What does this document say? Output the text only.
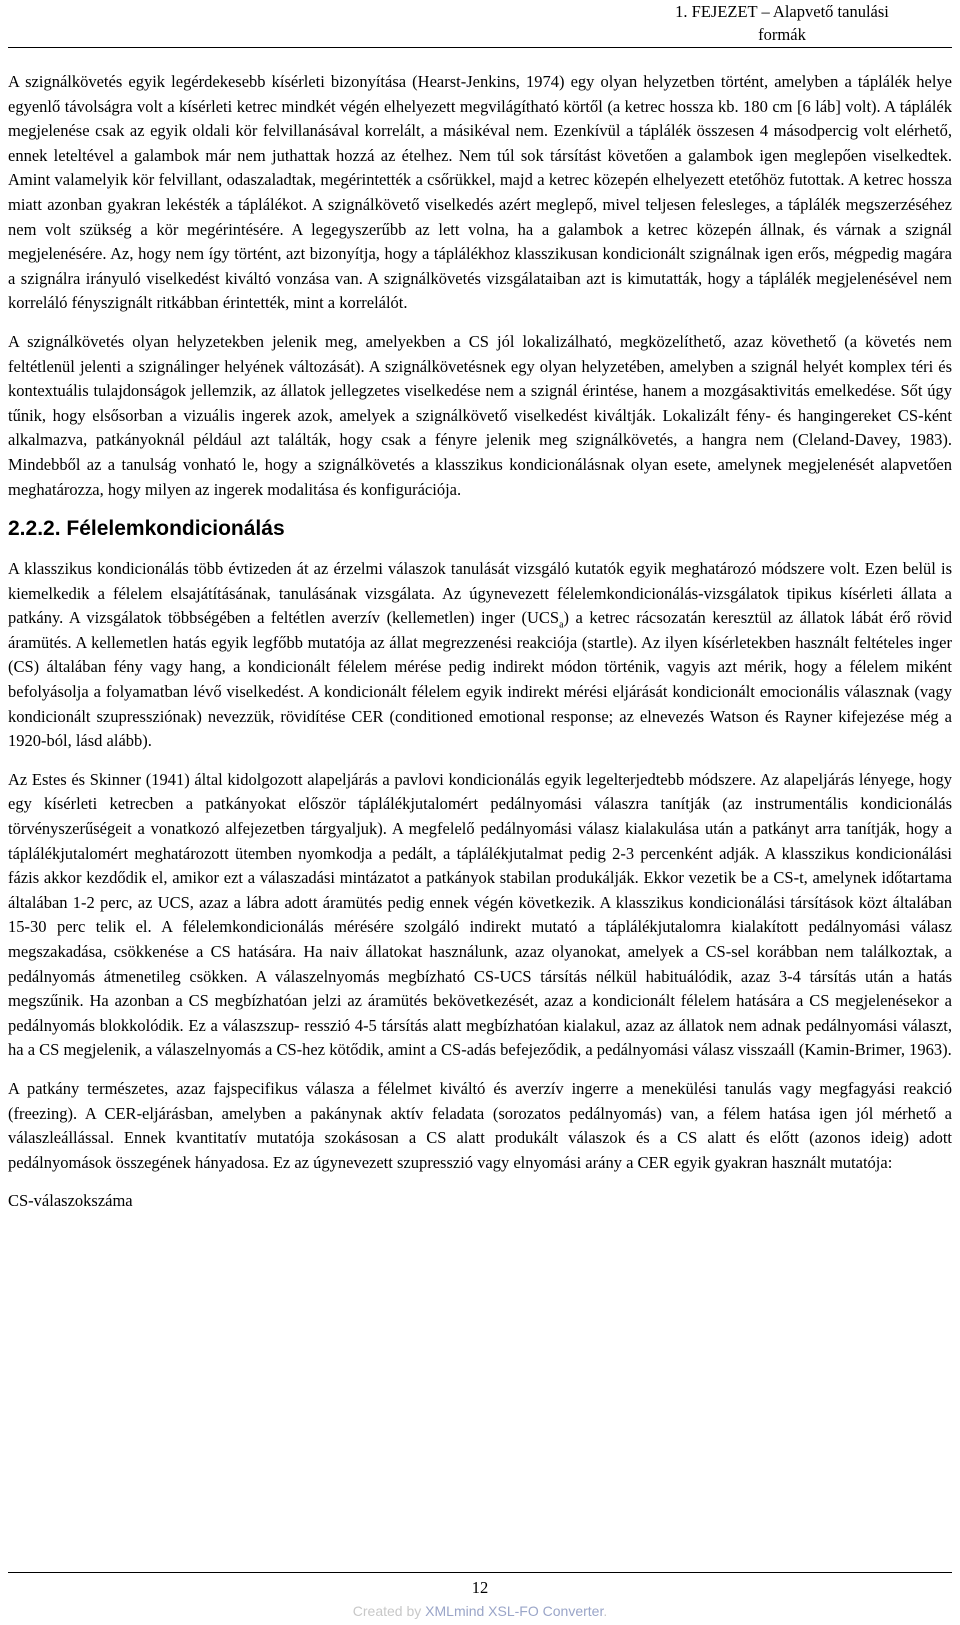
1. FEJEZET – Alapvető tanulási
formák

A szignálkövetés egyik legérdekesebb kísérleti bizonyítása (Hearst-Jenkins, 1974) egy olyan helyzetben történt, amelyben a táplálék helye egyenlő távolságra volt a kísérleti ketrec mindkét végén elhelyezett megvilágítható körtől (a ketrec hossza kb. 180 cm [6 láb] volt). A táplálék megjelenése csak az egyik oldali kör felvillanásával korrelált, a másikéval nem. Ezenkívül a táplálék összesen 4 másodpercig volt elérhető, ennek leteltével a galambok már nem juthattak hozzá az ételhez. Nem túl sok társítást követően a galambok igen meglepően viselkedtek. Amint valamelyik kör felvillant, odaszaladtak, megérintették a csőrükkel, majd a ketrec közepén elhelyezett etetőhöz futottak. A ketrec hossza miatt azonban gyakran lekésték a táplálékot. A szignálkövető viselkedés azért meglepő, mivel teljesen felesleges, a táplálék megszerzéséhez nem volt szükség a kör megérintésére. A legegyszerűbb az lett volna, ha a galambok a ketrec közepén állnak, és várnak a szignál megjelenésére. Az, hogy nem így történt, azt bizonyítja, hogy a táplálékhoz klasszikusan kondicionált szignálnak igen erős, mégpedig magára a szignálra irányuló viselkedést kiváltó vonzása van. A szignálkövetés vizsgálataiban azt is kimutatták, hogy a táplálék megjelenésével nem korreláló fényszignált ritkábban érintették, mint a korrelálót.

A szignálkövetés olyan helyzetekben jelenik meg, amelyekben a CS jól lokalizálható, megközelíthető, azaz követhető (a követés nem feltétlenül jelenti a szignálinger helyének változását). A szignálkövetésnek egy olyan helyzetében, amelyben a szignál helyét komplex téri és kontextuális tulajdonságok jellemzik, az állatok jellegzetes viselkedése nem a szignál érintése, hanem a mozgásaktivitás emelkedése. Sőt úgy tűnik, hogy elsősorban a vizuális ingerek azok, amelyek a szignálkövető viselkedést kiváltják. Lokalizált fény- és hangingereket CS-ként alkalmazva, patkányoknál például azt találták, hogy csak a fényre jelenik meg szignálkövetés, a hangra nem (Cleland-Davey, 1983). Mindebből az a tanulság vonható le, hogy a szignálkövetés a klasszikus kondicionálásnak olyan esete, amelynek megjelenését alapvetően meghatározza, hogy milyen az ingerek modalitása és konfigurációja.

2.2.2. Félelemkondicionálás

A klasszikus kondicionálás több évtizeden át az érzelmi válaszok tanulását vizsgáló kutatók egyik meghatározó módszere volt. Ezen belül is kiemelkedik a félelem elsajátításának, tanulásának vizsgálata. Az úgynevezett félelemkondicionálás-vizsgálatok tipikus kísérleti állata a patkány. A vizsgálatok többségében a feltétlen averzív (kellemetlen) inger $(UCS_a)$ a ketrec rácsozatán keresztül az állatok lábát érő rövid áramütés. A kellemetlen hatás egyik legfőbb mutatója az állat megrezzenési reakciója (startle). Az ilyen kísérletekben használt feltételes inger (CS) általában fény vagy hang, a kondicionált félelem mérése pedig indirekt módon történik, vagyis azt mérik, hogy a félelem miként befolyásolja a folyamatban lévő viselkedést. A kondicionált félelem egyik indirekt mérési eljárását kondicionált emocionális válasznak (vagy kondicionált szupressziónak) nevezzük, rövidítése CER (conditioned emotional response; az elnevezés Watson és Rayner kifejezése még a 1920-ból, lásd alább).

Az Estes és Skinner (1941) által kidolgozott alapeljárás a pavlovi kondicionálás egyik legelterjedtebb módszere. Az alapeljárás lényege, hogy egy kísérleti ketrecben a patkányokat először táplálékjutalomért pedálnyomási válaszra tanítják (az instrumentális kondicionálás törvényszerűségeit a vonatkozó alfejezetben tárgyaljuk). A megfelelő pedálnyomási válasz kialakulása után a patkányt arra tanítják, hogy a táplálékjutalomért meghatározott ütemben nyomkodja a pedált, a táplálékjutalmat pedig 2-3 percenként adják. A klasszikus kondicionálási fázis akkor kezdődik el, amikor ezt a válaszadási mintázatot a patkányok stabilan produkálják. Ekkor vezetik be a CS-t, amelynek időtartama általában 1-2 perc, az UCS, azaz a lábra adott áramütés pedig ennek végén következik. A klasszikus kondicionálási társítások közt általában 15-30 perc telik el. A félelemkondicionálás mérésére szolgáló indirekt mutató a táplálékjutalomra kialakított pedálnyomási válasz megszakadása, csökkenése a CS hatására. Ha naiv állatokat használunk, azaz olyanokat, amelyek a CS-sel korábban nem találkoztak, a pedálnyomás átmenetileg csökken. A válaszelnyomás megbízható CS-UCS társítás nélkül habituálódik, azaz 3-4 társítás után a hatás megszűnik. Ha azonban a CS megbízhatóan jelzi az áramütés bekövetkezését, azaz a kondicionált félelem hatására a CS megjelenésekor a pedálnyomás blokkolódik. Ez a válaszszup- resszió 4-5 társítás alatt megbízhatóan kialakul, azaz az állatok nem adnak pedálnyomási választ, ha a CS megjelenik, a válaszelnyomás a CS-hez kötődik, amint a CS-adás befejeződik, a pedálnyomási válasz visszaáll (Kamin-Brimer, 1963).

A patkány természetes, azaz fajspecifikus válasza a félelmet kiváltó és averzív ingerre a menekülési tanulás vagy megfagyási reakció (freezing). A CER-eljárásban, amelyben a pakánynak aktív feladata (sorozatos pedálnyomás) van, a félem hatása igen jól mérhető a válaszleállással. Ennek kvantitatív mutatója szokásosan a CS alatt produkált válaszok és a CS alatt és előtt (azonos ideig) adott pedálnyomások összegének hányadosa. Ez az úgynevezett szupresszió vagy elnyomási arány a CER egyik gyakran használt mutatója:

CS-válaszokszáma
12
Created by XMLmind XSL-FO Converter.
